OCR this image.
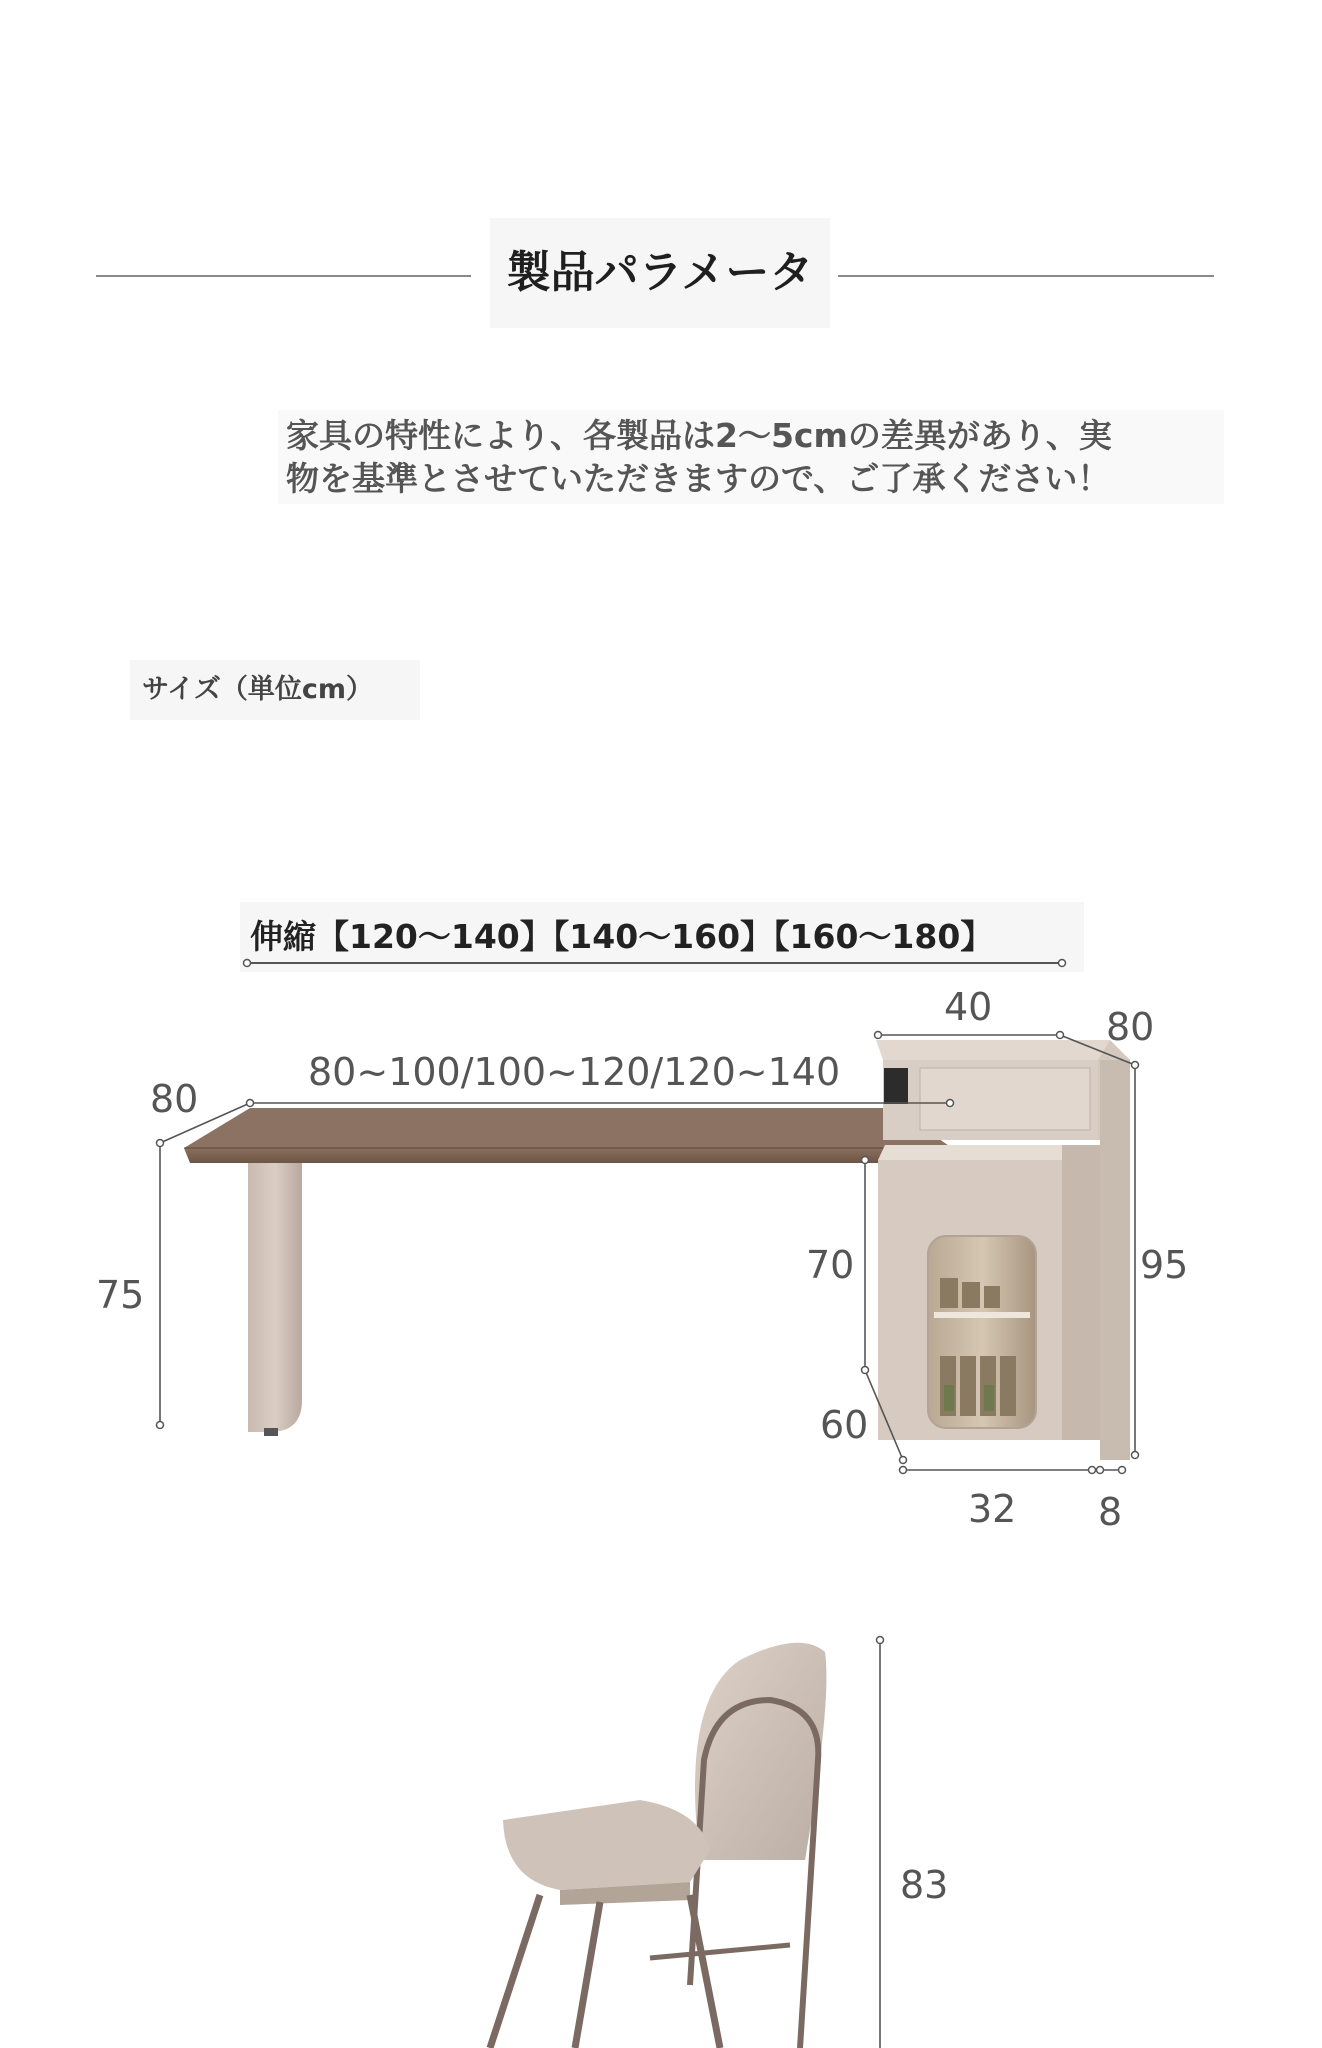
製品パラメータ
家具の特性により、各製品は2〜5cmの差異があり、実
物を基準とさせていただきますので、ご了承ください！
サイズ（単位cm）
伸縮【120〜140】【140〜160】【160〜180】
80~100/100~120/120~140
80
75
40	80
95
70
60
32 8
83
